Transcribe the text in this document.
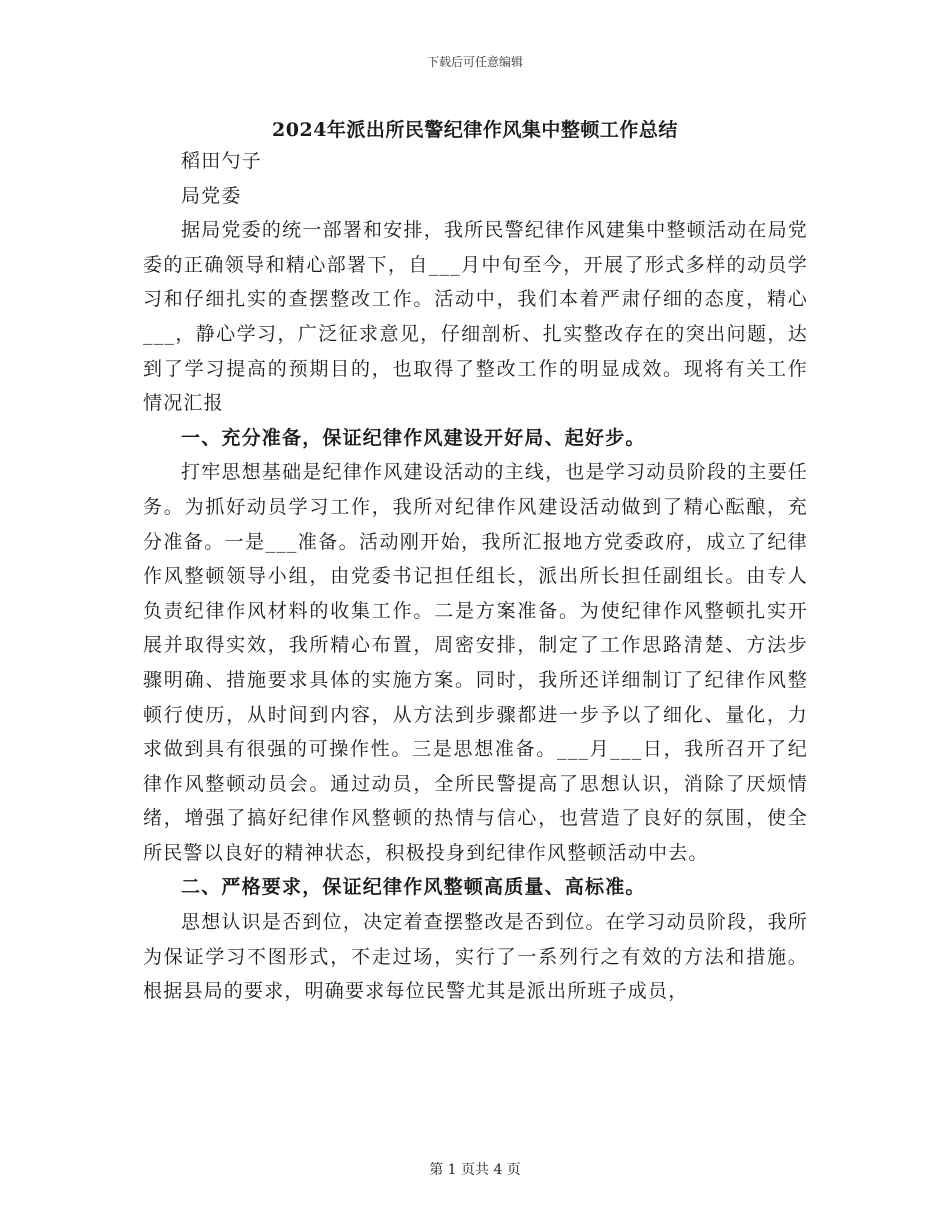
下载后可任意编辑
2024年派出所民警纪律作风集中整顿工作总结

稻田勺子

局党委

据局党委的统一部署和安排，我所民警纪律作风建集中整顿活动在局党委的正确领导和精心部署下，自___月中旬至今，开展了形式多样的动员学习和仔细扎实的查摆整改工作。活动中，我们本着严肃仔细的态度，精心___，静心学习，广泛征求意见，仔细剖析、扎实整改存在的突出问题，达到了学习提高的预期目的，也取得了整改工作的明显成效。现将有关工作情况汇报

一、充分准备，保证纪律作风建设开好局、起好步。

打牢思想基础是纪律作风建设活动的主线，也是学习动员阶段的主要任务。为抓好动员学习工作，我所对纪律作风建设活动做到了精心酝酿，充分准备。一是___准备。活动刚开始，我所汇报地方党委政府，成立了纪律作风整顿领导小组，由党委书记担任组长，派出所长担任副组长。由专人负责纪律作风材料的收集工作。二是方案准备。为使纪律作风整顿扎实开展并取得实效，我所精心布置，周密安排，制定了工作思路清楚、方法步骤明确、措施要求具体的实施方案。同时，我所还详细制订了纪律作风整顿行使历，从时间到内容，从方法到步骤都进一步予以了细化、量化，力求做到具有很强的可操作性。三是思想准备。___月___日，我所召开了纪律作风整顿动员会。通过动员，全所民警提高了思想认识，消除了厌烦情绪，增强了搞好纪律作风整顿的热情与信心，也营造了良好的氛围，使全所民警以良好的精神状态，积极投身到纪律作风整顿活动中去。

二、严格要求，保证纪律作风整顿高质量、高标准。

思想认识是否到位，决定着查摆整改是否到位。在学习动员阶段，我所为保证学习不图形式，不走过场，实行了一系列行之有效的方法和措施。根据县局的要求，明确要求每位民警尤其是派出所班子成员，

第 1 页共 4 页
